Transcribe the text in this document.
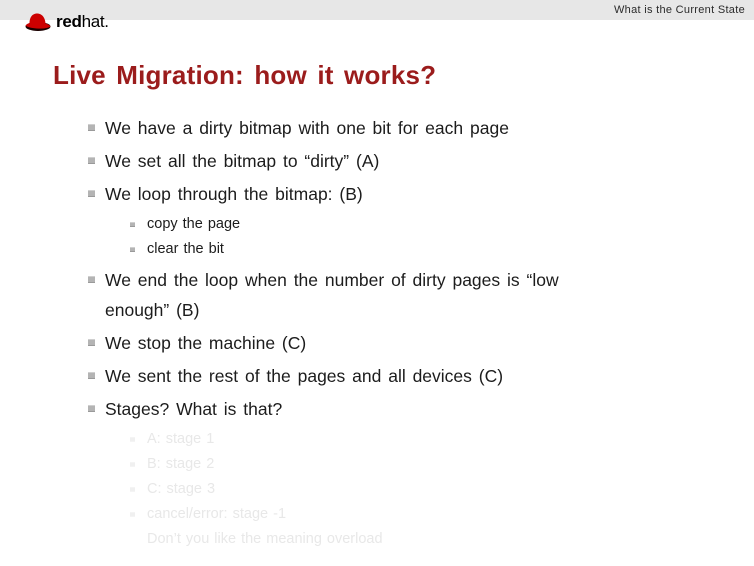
What is the Current State
redhat.
Live Migration: how it works?
We have a dirty bitmap with one bit for each page
We set all the bitmap to “dirty” (A)
We loop through the bitmap: (B)
copy the page
clear the bit
We end the loop when the number of dirty pages is “low enough” (B)
We stop the machine (C)
We sent the rest of the pages and all devices (C)
Stages? What is that?
A: stage 1
B: stage 2
C: stage 3
cancel/error: stage -1
Don’t you like the meaning overload
